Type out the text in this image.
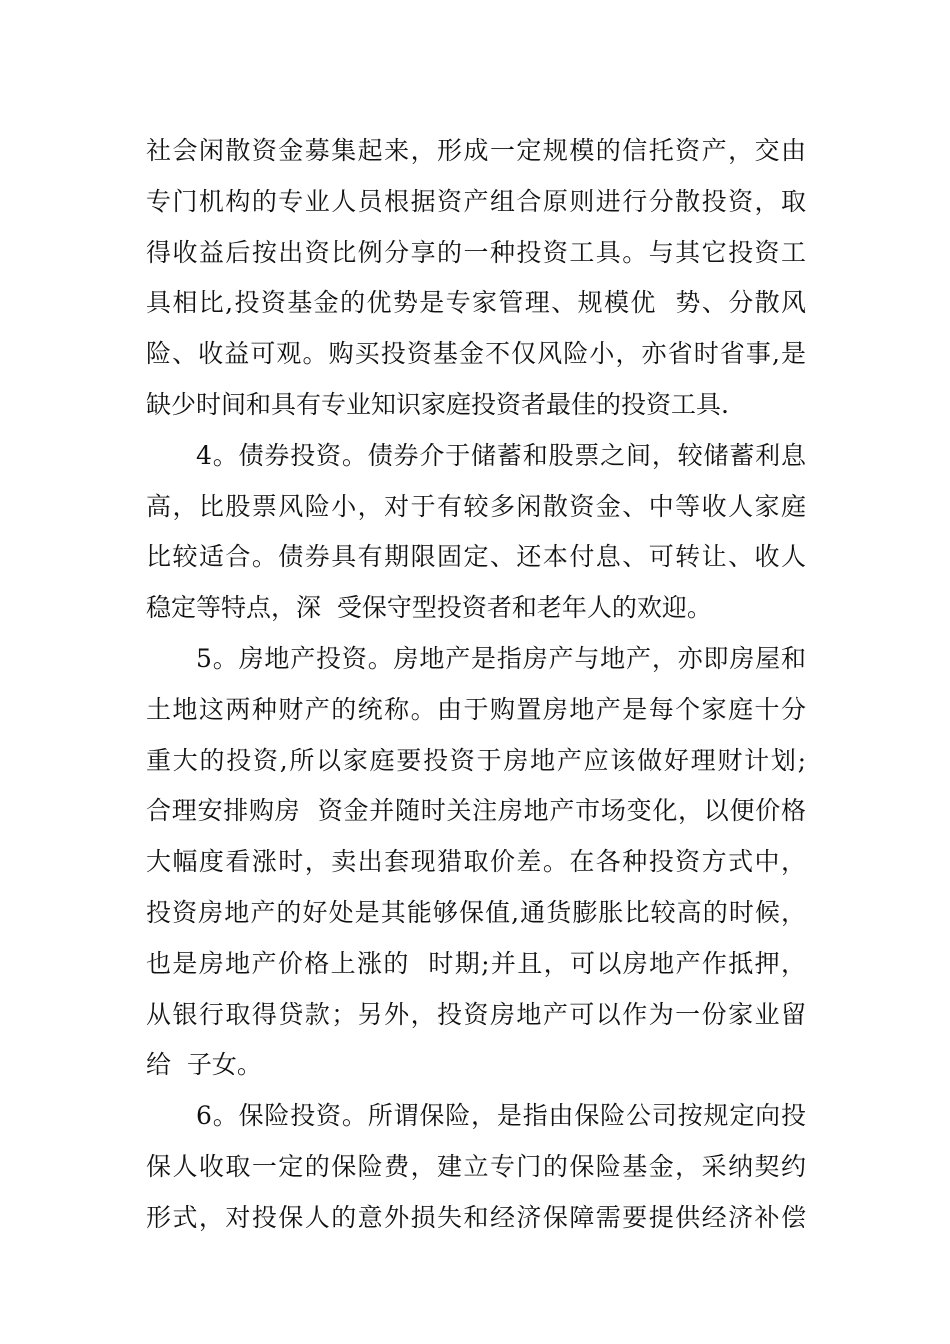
社会闲散资金募集起来，形成一定规模的信托资产，交由
专门机构的专业人员根据资产组合原则进行分散投资，取
得收益后按出资比例分享的一种投资工具。与其它投资工
具相比,投资基金的优势是专家管理、规模优  势、分散风
险、收益可观。购买投资基金不仅风险小，亦省时省事,是
缺少时间和具有专业知识家庭投资者最佳的投资工具.
4。债券投资。债券介于储蓄和股票之间，较储蓄利息
高，比股票风险小，对于有较多闲散资金、中等收人家庭
比较适合。债券具有期限固定、还本付息、可转让、收人
稳定等特点，深  受保守型投资者和老年人的欢迎。
5。房地产投资。房地产是指房产与地产，亦即房屋和
土地这两种财产的统称。由于购置房地产是每个家庭十分
重大的投资,所以家庭要投资于房地产应该做好理财计划;
合理安排购房  资金并随时关注房地产市场变化，以便价格
大幅度看涨时，卖出套现猎取价差。在各种投资方式中，
投资房地产的好处是其能够保值,通货膨胀比较高的时候，
也是房地产价格上涨的  时期;并且，可以房地产作抵押，
从银行取得贷款；另外，投资房地产可以作为一份家业留
给  子女。
6。保险投资。所谓保险，是指由保险公司按规定向投
保人收取一定的保险费，建立专门的保险基金，采纳契约
形式，对投保人的意外损失和经济保障需要提供经济补偿
